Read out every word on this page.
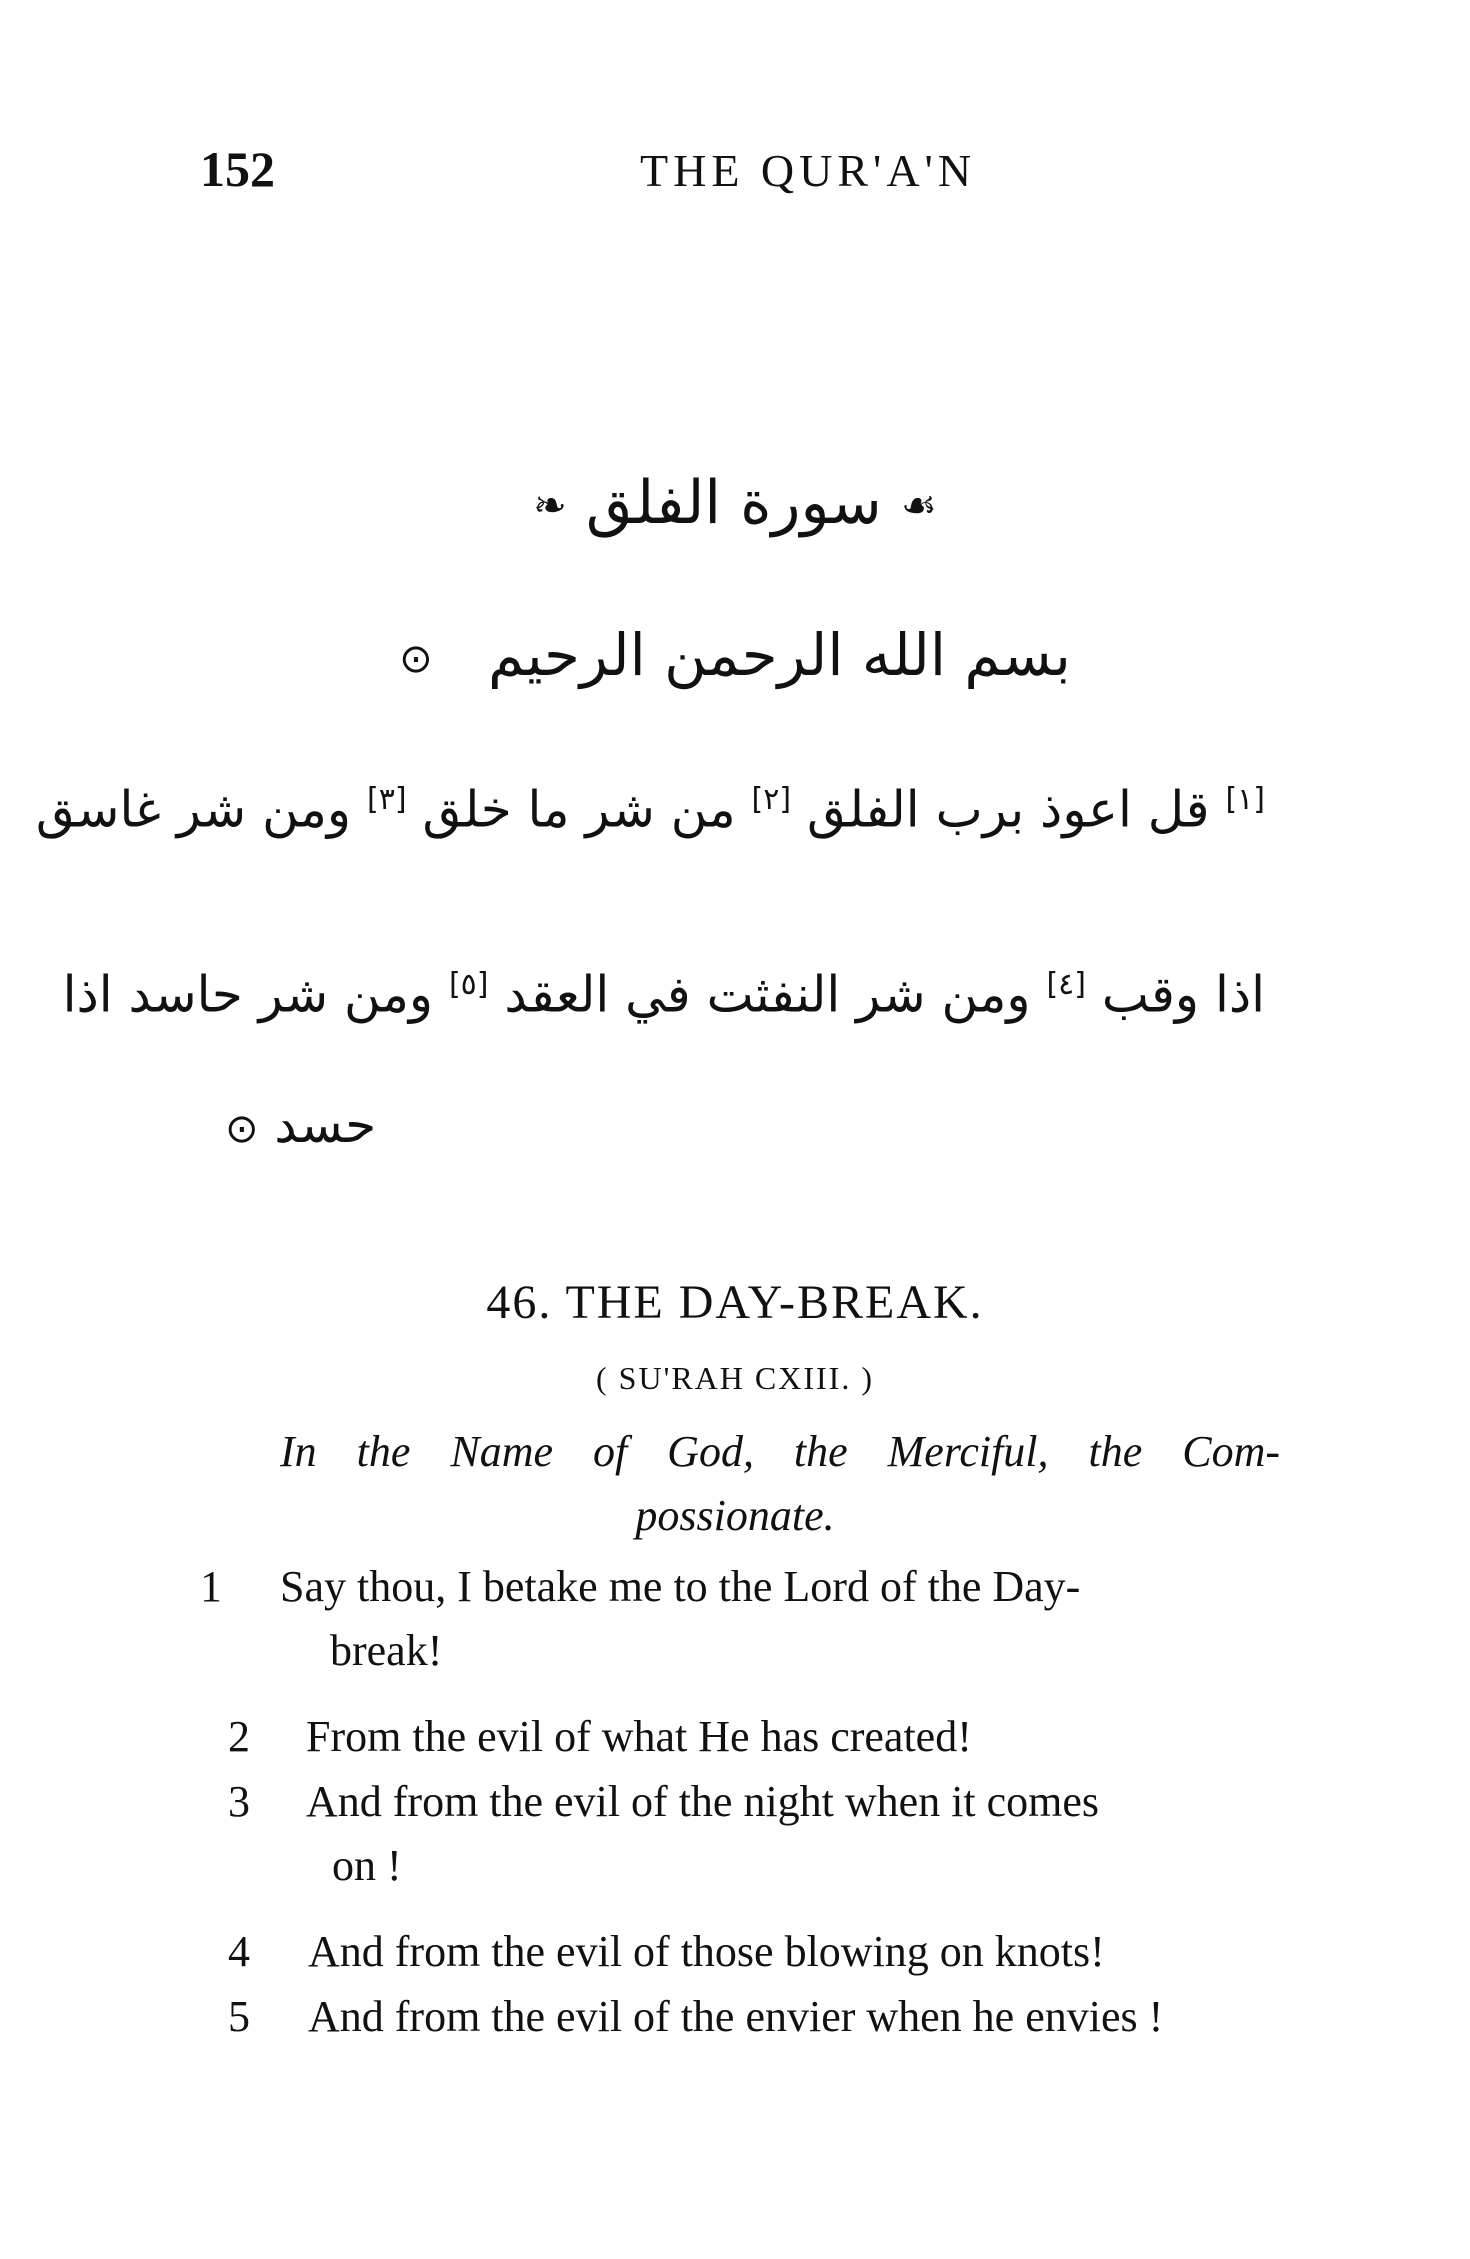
152	THE QUR'A'N
☙ سورة الفلق ❧
بسم الله الرحمن الرحيم   ⊙
[١] قل اعوذ برب الفلق [٢] من شر ما خلق [٣] ومن شر غاسق
اذا وقب [٤] ومن شر النفثت في العقد [٥] ومن شر حاسد اذا
حسد ⊙
46. THE DAY-BREAK.
( SU'RAH CXIII. )
In the Name of God, the Merciful, the Com-
possionate.
1 Say thou, I betake me to the Lord of the Day-
break!
2 From the evil of what He has created!
3 And from the evil of the night when it comes
on !
4 And from the evil of those blowing on knots!
5 And from the evil of the envier when he envies !
